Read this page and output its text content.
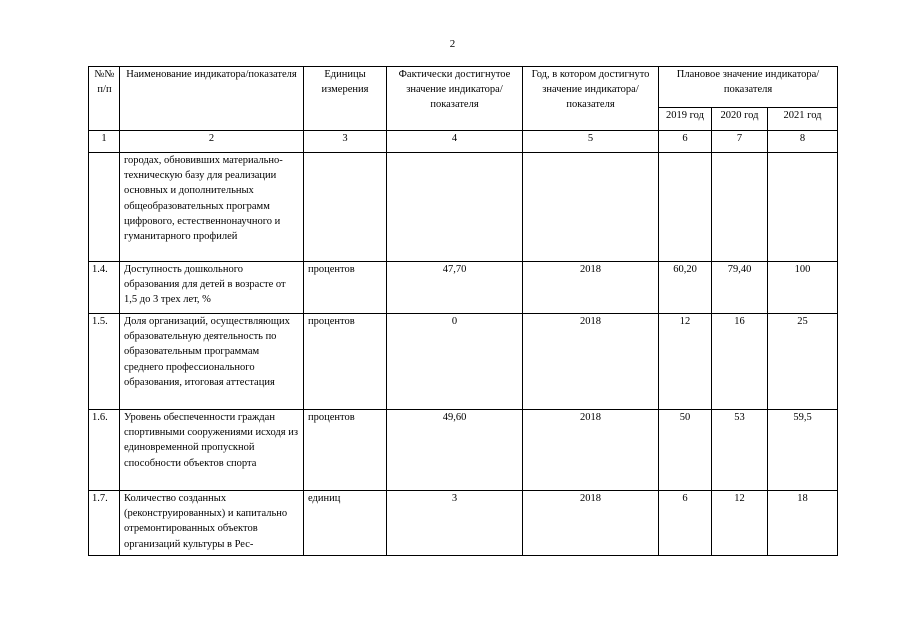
2
№№ п/п	Наименование индикатора/показателя	Единицы измерения	Фактически достигнутое значение индикатора/показателя	Год, в котором достигнуто значение индикатора/показателя	Плановое значение индикатора/показателя		
					2019 год	2020 год	2021 год
1	2	3	4	5	6	7	8
	городах, обновивших материально-техническую базу для реализации основных и дополнительных общеобразовательных программ цифрового, естественнонаучного и гуманитарного профилей						
1.4.	Доступность дошкольного образования для детей в возрасте от 1,5 до 3 трех лет, %	процентов	47,70	2018	60,20	79,40	100
1.5.	Доля организаций, осуществляющих образовательную деятельность по образовательным программам среднего профессионального образования, итоговая аттестация	процентов	0	2018	12	16	25
1.6.	Уровень обеспеченности граждан спортивными сооружениями исходя из единовременной пропускной способности объектов спорта	процентов	49,60	2018	50	53	59,5
1.7.	Количество созданных (реконструированных) и капитально отремонтированных объектов организаций культуры в Рес-	единиц	3	2018	6	12	18
